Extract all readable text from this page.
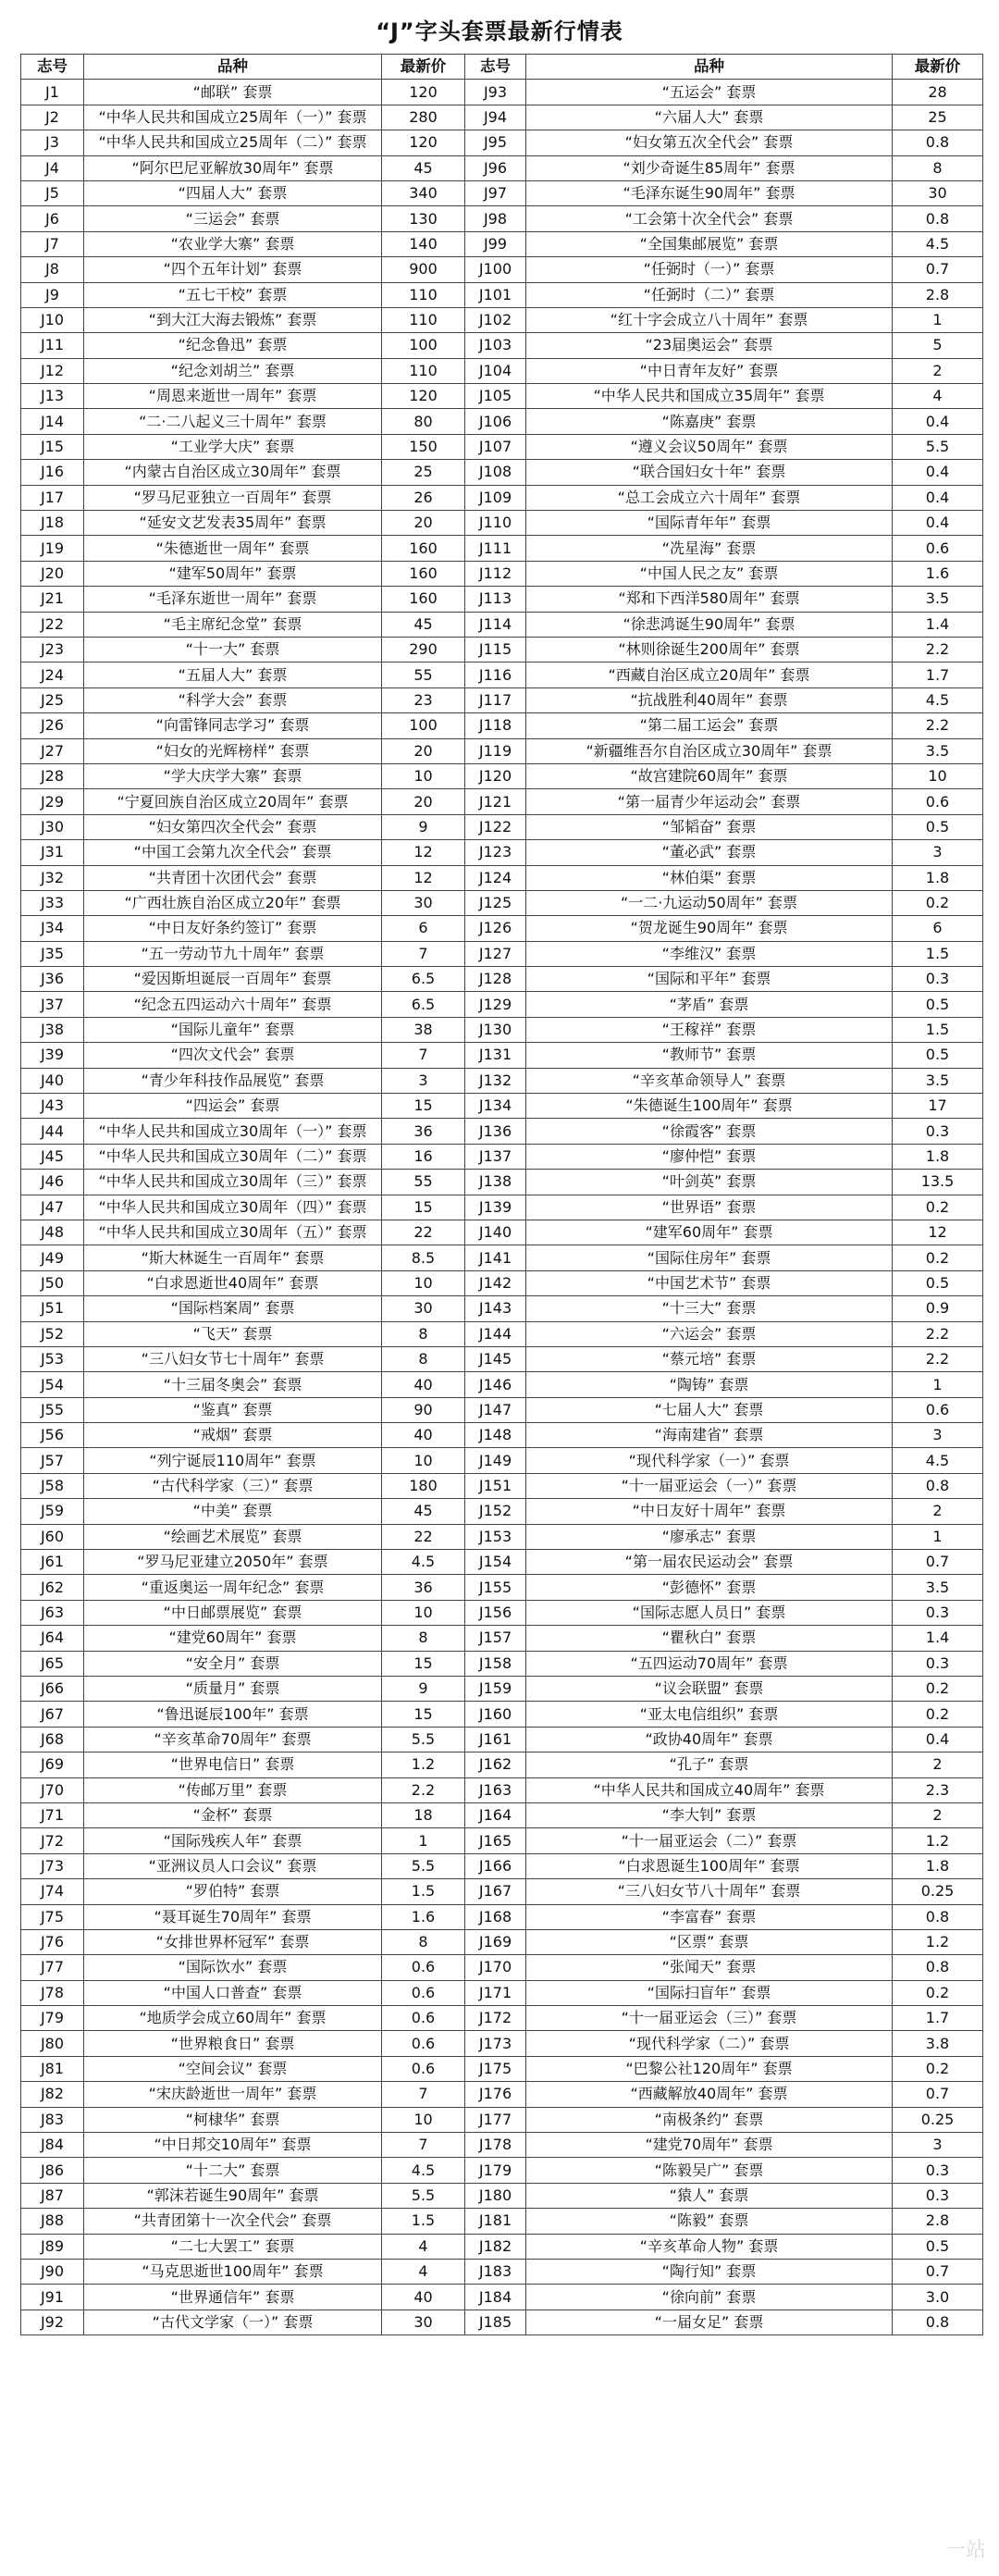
“J”字头套票最新行情表
志号	品种	最新价	志号	品种	最新价
J1	“邮联” 套票	120	J93	“五运会” 套票	28
J2	“中华人民共和国成立25周年（一）” 套票	280	J94	“六届人大” 套票	25
J3	“中华人民共和国成立25周年（二）” 套票	120	J95	“妇女第五次全代会” 套票	0.8
J4	“阿尔巴尼亚解放30周年” 套票	45	J96	“刘少奇诞生85周年” 套票	8
J5	“四届人大” 套票	340	J97	“毛泽东诞生90周年” 套票	30
J6	“三运会” 套票	130	J98	“工会第十次全代会” 套票	0.8
J7	“农业学大寨” 套票	140	J99	“全国集邮展览” 套票	4.5
J8	“四个五年计划” 套票	900	J100	“任弼时（一）” 套票	0.7
J9	“五七干校” 套票	110	J101	“任弼时（二）” 套票	2.8
J10	“到大江大海去锻炼” 套票	110	J102	“红十字会成立八十周年” 套票	1
J11	“纪念鲁迅” 套票	100	J103	“23届奥运会” 套票	5
J12	“纪念刘胡兰” 套票	110	J104	“中日青年友好” 套票	2
J13	“周恩来逝世一周年” 套票	120	J105	“中华人民共和国成立35周年” 套票	4
J14	“二·二八起义三十周年” 套票	80	J106	“陈嘉庚” 套票	0.4
J15	“工业学大庆” 套票	150	J107	“遵义会议50周年” 套票	5.5
J16	“内蒙古自治区成立30周年” 套票	25	J108	“联合国妇女十年” 套票	0.4
J17	“罗马尼亚独立一百周年” 套票	26	J109	“总工会成立六十周年” 套票	0.4
J18	“延安文艺发表35周年” 套票	20	J110	“国际青年年” 套票	0.4
J19	“朱德逝世一周年” 套票	160	J111	“冼星海” 套票	0.6
J20	“建军50周年” 套票	160	J112	“中国人民之友” 套票	1.6
J21	“毛泽东逝世一周年” 套票	160	J113	“郑和下西洋580周年” 套票	3.5
J22	“毛主席纪念堂” 套票	45	J114	“徐悲鸿诞生90周年” 套票	1.4
J23	“十一大” 套票	290	J115	“林则徐诞生200周年” 套票	2.2
J24	“五届人大” 套票	55	J116	“西藏自治区成立20周年” 套票	1.7
J25	“科学大会” 套票	23	J117	“抗战胜利40周年” 套票	4.5
J26	“向雷锋同志学习” 套票	100	J118	“第二届工运会” 套票	2.2
J27	“妇女的光辉榜样” 套票	20	J119	“新疆维吾尔自治区成立30周年” 套票	3.5
J28	“学大庆学大寨” 套票	10	J120	“故宫建院60周年” 套票	10
J29	“宁夏回族自治区成立20周年” 套票	20	J121	“第一届青少年运动会” 套票	0.6
J30	“妇女第四次全代会” 套票	9	J122	“邹韬奋” 套票	0.5
J31	“中国工会第九次全代会” 套票	12	J123	“董必武” 套票	3
J32	“共青团十次团代会” 套票	12	J124	“林伯渠” 套票	1.8
J33	“广西壮族自治区成立20年” 套票	30	J125	“一二·九运动50周年” 套票	0.2
J34	“中日友好条约签订” 套票	6	J126	“贺龙诞生90周年” 套票	6
J35	“五一劳动节九十周年” 套票	7	J127	“李维汉” 套票	1.5
J36	“爱因斯坦诞辰一百周年” 套票	6.5	J128	“国际和平年” 套票	0.3
J37	“纪念五四运动六十周年” 套票	6.5	J129	“茅盾” 套票	0.5
J38	“国际儿童年” 套票	38	J130	“王稼祥” 套票	1.5
J39	“四次文代会” 套票	7	J131	“教师节” 套票	0.5
J40	“青少年科技作品展览” 套票	3	J132	“辛亥革命领导人” 套票	3.5
J43	“四运会” 套票	15	J134	“朱德诞生100周年” 套票	17
J44	“中华人民共和国成立30周年（一）” 套票	36	J136	“徐霞客” 套票	0.3
J45	“中华人民共和国成立30周年（二）” 套票	16	J137	“廖仲恺” 套票	1.8
J46	“中华人民共和国成立30周年（三）” 套票	55	J138	“叶剑英” 套票	13.5
J47	“中华人民共和国成立30周年（四）” 套票	15	J139	“世界语” 套票	0.2
J48	“中华人民共和国成立30周年（五）” 套票	22	J140	“建军60周年” 套票	12
J49	“斯大林诞生一百周年” 套票	8.5	J141	“国际住房年” 套票	0.2
J50	“白求恩逝世40周年” 套票	10	J142	“中国艺术节” 套票	0.5
J51	“国际档案周” 套票	30	J143	“十三大” 套票	0.9
J52	“飞天” 套票	8	J144	“六运会” 套票	2.2
J53	“三八妇女节七十周年” 套票	8	J145	“蔡元培” 套票	2.2
J54	“十三届冬奥会” 套票	40	J146	“陶铸” 套票	1
J55	“鉴真” 套票	90	J147	“七届人大” 套票	0.6
J56	“戒烟” 套票	40	J148	“海南建省” 套票	3
J57	“列宁诞辰110周年” 套票	10	J149	“现代科学家（一）” 套票	4.5
J58	“古代科学家（三）” 套票	180	J151	“十一届亚运会（一）” 套票	0.8
J59	“中美” 套票	45	J152	“中日友好十周年” 套票	2
J60	“绘画艺术展览” 套票	22	J153	“廖承志” 套票	1
J61	“罗马尼亚建立2050年” 套票	4.5	J154	“第一届农民运动会” 套票	0.7
J62	“重返奥运一周年纪念” 套票	36	J155	“彭德怀” 套票	3.5
J63	“中日邮票展览” 套票	10	J156	“国际志愿人员日” 套票	0.3
J64	“建党60周年” 套票	8	J157	“瞿秋白” 套票	1.4
J65	“安全月” 套票	15	J158	“五四运动70周年” 套票	0.3
J66	“质量月” 套票	9	J159	“议会联盟” 套票	0.2
J67	“鲁迅诞辰100年” 套票	15	J160	“亚太电信组织” 套票	0.2
J68	“辛亥革命70周年” 套票	5.5	J161	“政协40周年” 套票	0.4
J69	“世界电信日” 套票	1.2	J162	“孔子” 套票	2
J70	“传邮万里” 套票	2.2	J163	“中华人民共和国成立40周年” 套票	2.3
J71	“金杯” 套票	18	J164	“李大钊” 套票	2
J72	“国际残疾人年” 套票	1	J165	“十一届亚运会（二）” 套票	1.2
J73	“亚洲议员人口会议” 套票	5.5	J166	“白求恩诞生100周年” 套票	1.8
J74	“罗伯特” 套票	1.5	J167	“三八妇女节八十周年” 套票	0.25
J75	“聂耳诞生70周年” 套票	1.6	J168	“李富春” 套票	0.8
J76	“女排世界杯冠军” 套票	8	J169	“区票” 套票	1.2
J77	“国际饮水” 套票	0.6	J170	“张闻天” 套票	0.8
J78	“中国人口普查” 套票	0.6	J171	“国际扫盲年” 套票	0.2
J79	“地质学会成立60周年” 套票	0.6	J172	“十一届亚运会（三）” 套票	1.7
J80	“世界粮食日” 套票	0.6	J173	“现代科学家（二）” 套票	3.8
J81	“空间会议” 套票	0.6	J175	“巴黎公社120周年” 套票	0.2
J82	“宋庆龄逝世一周年” 套票	7	J176	“西藏解放40周年” 套票	0.7
J83	“柯棣华” 套票	10	J177	“南极条约” 套票	0.25
J84	“中日邦交10周年” 套票	7	J178	“建党70周年” 套票	3
J86	“十二大” 套票	4.5	J179	“陈毅吴广” 套票	0.3
J87	“郭沫若诞生90周年” 套票	5.5	J180	“猿人” 套票	0.3
J88	“共青团第十一次全代会” 套票	1.5	J181	“陈毅” 套票	2.8
J89	“二七大罢工” 套票	4	J182	“辛亥革命人物” 套票	0.5
J90	“马克思逝世100周年” 套票	4	J183	“陶行知” 套票	0.7
J91	“世界通信年” 套票	40	J184	“徐向前” 套票	3.0
J92	“古代文学家（一）” 套票	30	J185	“一届女足” 套票	0.8
一站
